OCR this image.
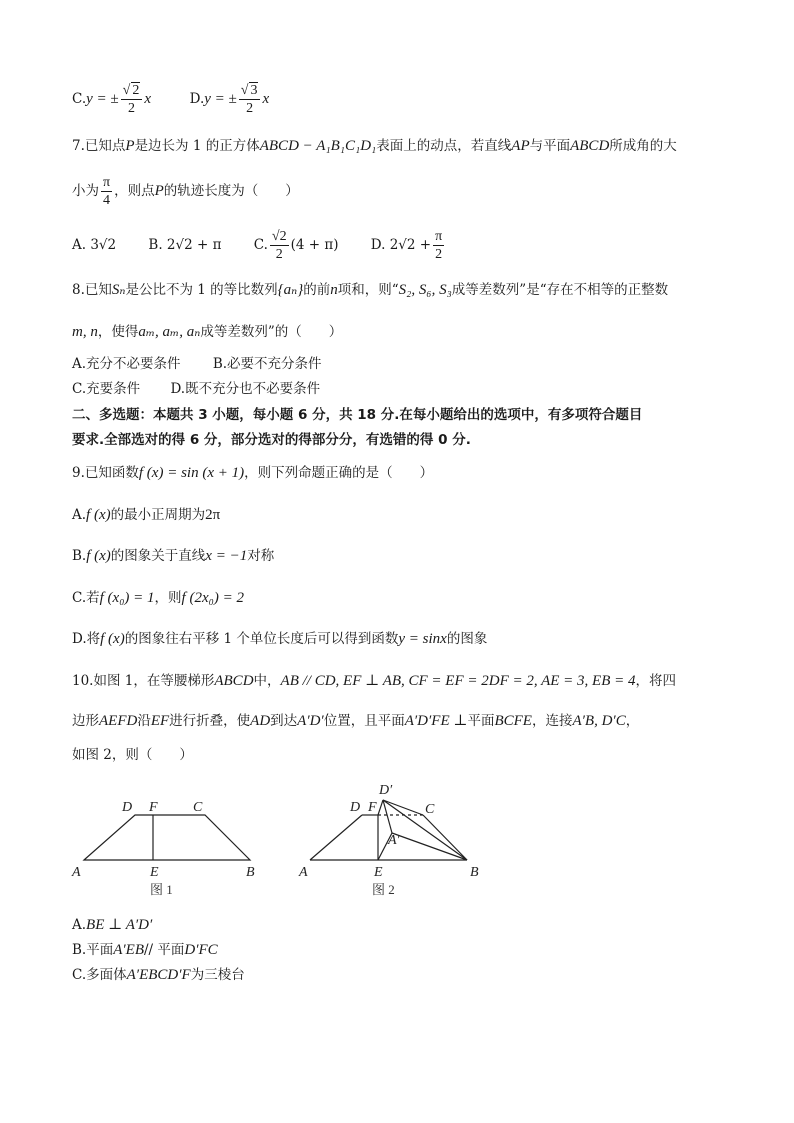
C.y = ± $\frac{√ 2}{2}$ x	D.y = ± $\frac{√ 3}{2}$ x
7.已知点P是边长为 1 的正方体ABCD − A₁B₁C₁D₁表面上的动点，若直线AP与平面ABCD所成角的大
小为 $\frac{\pi}{4}$ ，则点P的轨迹长度为（　　）
A. 3√2 B. 2√2 + π C. $\frac{√2}{2} (4 + \pi)$ D. $2√2 + \frac{\pi}{2}$
8.已知Sₙ是公比不为 1 的等比数列{aₙ}的前n项和，则“S₂, S₆, S₃成等差数列”是“存在不相等的正整数
m, n，使得aₘ, aₘ, aₙ成等差数列”的（　　）
A.充分不必要条件 B.必要不充分条件
C.充要条件 D.既不充分也不必要条件
二、多选题：本题共 3 小题，每小题 6 分，共 18 分.在每小题给出的选项中，有多项符合题目
要求.全部选对的得 6 分，部分选对的得部分分，有选错的得 0 分.
9.已知函数f (x) = sin (x + 1)，则下列命题正确的是（　　）
A.f (x)的最小正周期为2π
B.f (x)的图象关于直线x = −1对称
C.若f (x₀) = 1，则f (2x₀) = 2
D.将f (x)的图象往右平移 1 个单位长度后可以得到函数y = sinx的图象
10.如图 1，在等腰梯形ABCD中，AB // CD, EF ⊥ AB, CF = EF = 2DF = 2, AE = 3, EB = 4，将四
边形AEFD沿EF进行折叠，使AD到达A′D′位置，且平面A′D′FE ⊥平面BCFE，连接A′B, D′C，
如图 2，则（　　）
D F	C
A	E	B
图 1
D′
D F	C
A′
A	E	B
图 2
A.BE ⊥ A′D′
B.平面A′EB// 平面D′FC
C.多面体A′EBCD′F为三棱台
